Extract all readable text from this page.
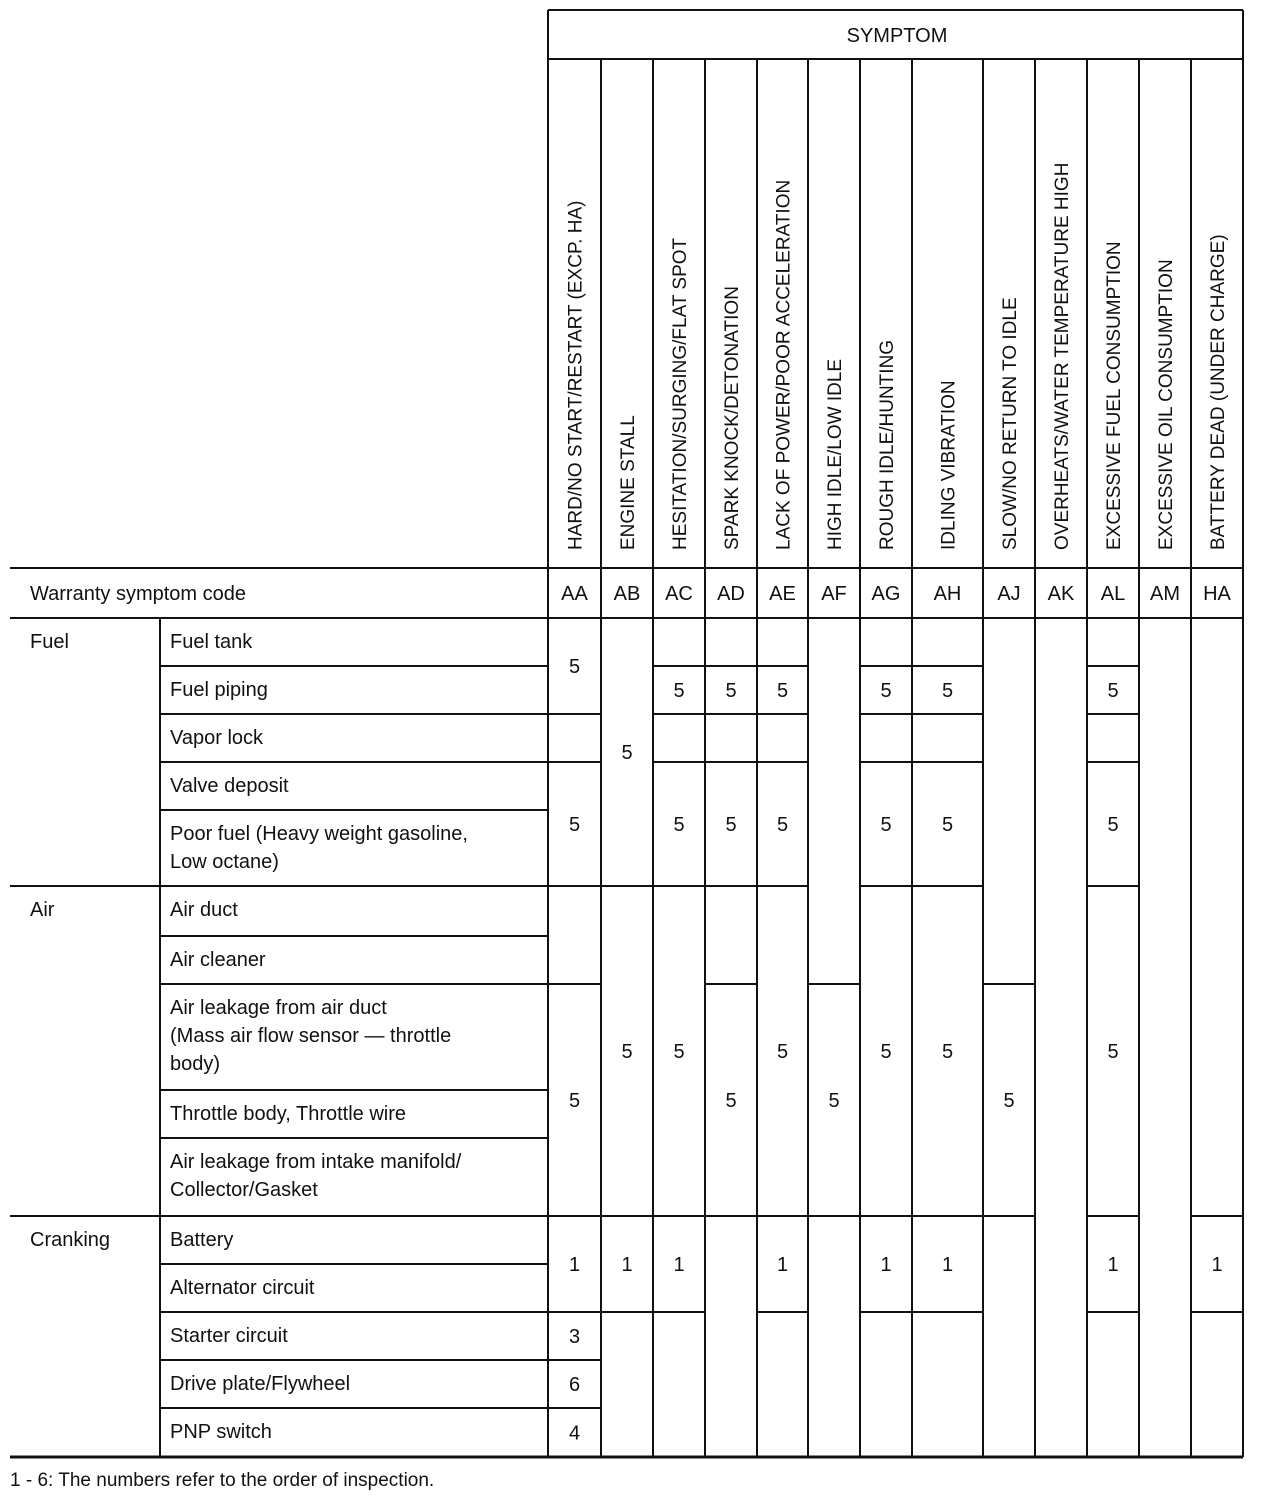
SYMPTOM
Warranty symptom code
HARD/NO START/RESTART (EXCP. HA)
AA
ENGINE STALL
AB
HESITATION/SURGING/FLAT SPOT
AC
SPARK KNOCK/DETONATION
AD
LACK OF POWER/POOR ACCELERATION
AE
HIGH IDLE/LOW IDLE
AF
ROUGH IDLE/HUNTING
AG
IDLING VIBRATION
AH
SLOW/NO RETURN TO IDLE
AJ
OVERHEATS/WATER TEMPERATURE HIGH
AK
EXCESSIVE FUEL CONSUMPTION
AL
EXCESSIVE OIL CONSUMPTION
AM
BATTERY DEAD (UNDER CHARGE)
HA
Fuel
Air
Cranking
Fuel tank
Fuel piping
Vapor lock
Valve deposit
Poor fuel (Heavy weight gasoline,
Low octane)
Air duct
Air cleaner
Air leakage from air duct
(Mass air flow sensor — throttle
body)
Throttle body, Throttle wire
Air leakage from intake manifold/
Collector/Gasket
Battery
Alternator circuit
Starter circuit
Drive plate/Flywheel
PNP switch
5
5
5
1
3
6
4
5
5
1
5
5
5
1
5
5
5
5
5
5
1
5
5
5
5
1
5
5
5
1
5
5
5
5
1	1
1 - 6: The numbers refer to the order of inspection.
